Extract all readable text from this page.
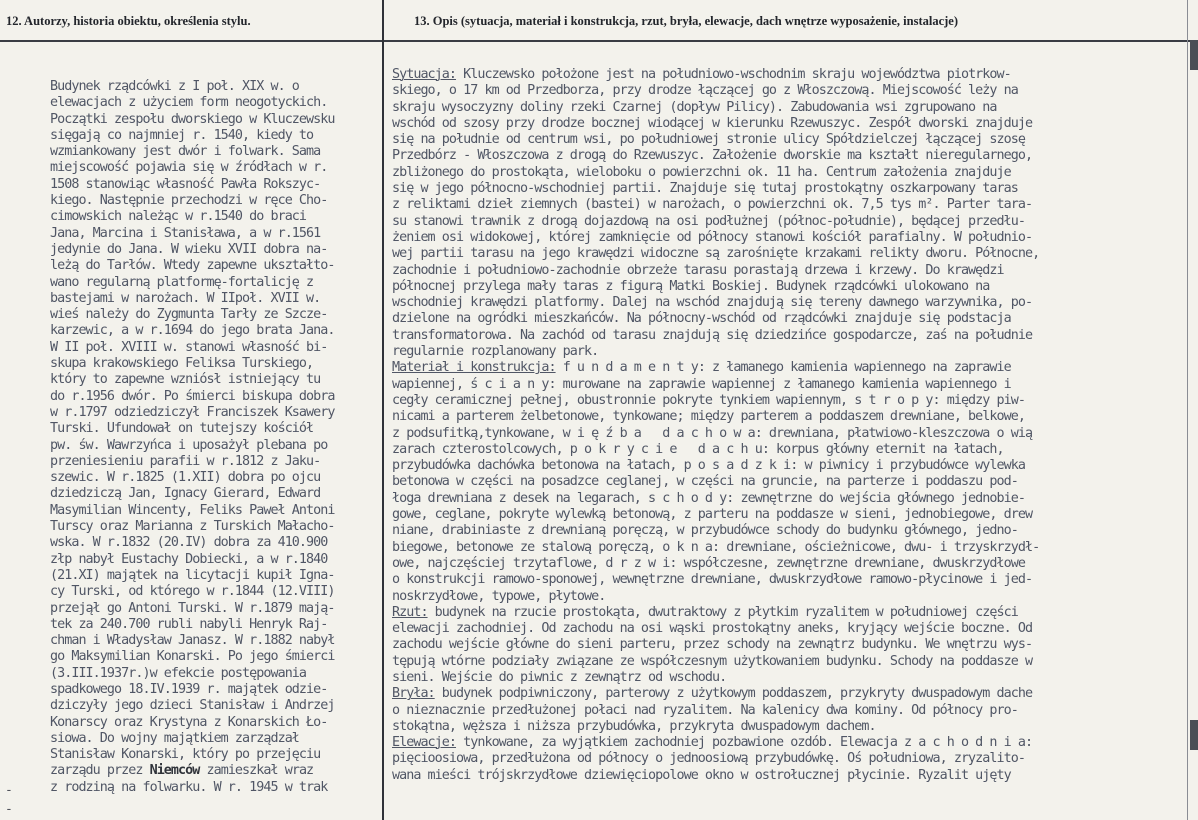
12. Autorzy, historia obiektu, określenia stylu.	13. Opis (sytuacja, materiał i konstrukcja, rzut, bryła, elewacje, dach wnętrze wyposażenie, instalacje)
Budynek rządcówki z I poł. XIX w. o
elewacjach z użyciem form neogotyckich.
Początki zespołu dworskiego w Kluczewsku
sięgają co najmniej r. 1540, kiedy to
wzmiankowany jest dwór i folwark. Sama
miejscowość pojawia się w źródłach w r.
1508 stanowiąc własność Pawła Rokszyc-
kiego. Następnie przechodzi w ręce Cho-
cimowskich należąc w r.1540 do braci
Jana, Marcina i Stanisława, a w r.1561
jedynie do Jana. W wieku XVII dobra na-
leżą do Tarłów. Wtedy zapewne ukształto-
wano regularną platformę-fortalicję z
bastejami w narożach. W IIpoł. XVII w.
wieś należy do Zygmunta Tarły ze Szcze-
karzewic, a w r.1694 do jego brata Jana.
W II poł. XVIII w. stanowi własność bi-
skupa krakowskiego Feliksa Turskiego,
który to zapewne wzniósł istniejący tu
do r.1956 dwór. Po śmierci biskupa dobra
w r.1797 odziedziczył Franciszek Ksawery
Turski. Ufundował on tutejszy kościół
pw. św. Wawrzyńca i uposażył plebana po
przeniesieniu parafii w r.1812 z Jaku-
szewic. W r.1825 (1.XII) dobra po ojcu
dziedziczą Jan, Ignacy Gierard, Edward
Masymilian Wincenty, Feliks Paweł Antoni
Turscy oraz Marianna z Turskich Małacho-
wska. W r.1832 (20.IV) dobra za 410.900
złp nabył Eustachy Dobiecki, a w r.1840
(21.XI) majątek na licytacji kupił Igna-
cy Turski, od którego w r.1844 (12.VIII)
przejął go Antoni Turski. W r.1879 mają-
tek za 240.700 rubli nabyli Henryk Raj-
chman i Władysław Janasz. W r.1882 nabył
go Maksymilian Konarski. Po jego śmierci
(3.III.1937r.)w efekcie postępowania
spadkowego 18.IV.1939 r. majątek odzie-
dziczyły jego dzieci Stanisław i Andrzej
Konarscy oraz Krystyna z Konarskich Ło-
siowa. Do wojny majątkiem zarządzał
Stanisław Konarski, który po przejęciu
zarządu przez Niemców zamieszkał wraz
z rodziną na folwarku. W r. 1945 w trak
Sytuacja: Kluczewsko położone jest na południowo-wschodnim skraju województwa piotrkow-
skiego, o 17 km od Przedborza, przy drodze łączącej go z Włoszczową. Miejscowość leży na
skraju wysoczyzny doliny rzeki Czarnej (dopływ Pilicy). Zabudowania wsi zgrupowano na
wschód od szosy przy drodze bocznej wiodącej w kierunku Rzewuszyc. Zespół dworski znajduje
się na południe od centrum wsi, po południowej stronie ulicy Spółdzielczej łączącej szosę
Przedbórz - Włoszczowa z drogą do Rzewuszyc. Założenie dworskie ma kształt nieregularnego,
zbliżonego do prostokąta, wieloboku o powierzchni ok. 11 ha. Centrum założenia znajduje
się w jego północno-wschodniej partii. Znajduje się tutaj prostokątny oszkarpowany taras
z reliktami dzieł ziemnych (bastei) w narożach, o powierzchni ok. 7,5 tys m². Parter tara-
su stanowi trawnik z drogą dojazdową na osi podłużnej (północ-południe), będącej przedłu-
żeniem osi widokowej, której zamknięcie od północy stanowi kościół parafialny. W południo-
wej partii tarasu na jego krawędzi widoczne są zarośnięte krzakami relikty dworu. Północne,
zachodnie i południowo-zachodnie obrzeże tarasu porastają drzewa i krzewy. Do krawędzi
północnej przylega mały taras z figurą Matki Boskiej. Budynek rządcówki ulokowano na
wschodniej krawędzi platformy. Dalej na wschód znajdują się tereny dawnego warzywnika, po-
dzielone na ogródki mieszkańców. Na północny-wschód od rządcówki znajduje się podstacja
transformatorowa. Na zachód od tarasu znajdują się dziedzińce gospodarcze, zaś na południe
regularnie rozplanowany park.
Materiał i konstrukcja: f u n d a m e n t y: z łamanego kamienia wapiennego na zaprawie
wapiennej, ś c i a n y: murowane na zaprawie wapiennej z łamanego kamienia wapiennego i
cegły ceramicznej pełnej, obustronnie pokryte tynkiem wapiennym, s t r o p y: między piw-
nicami a parterem żelbetonowe, tynkowane; między parterem a poddaszem drewniane, belkowe,
z podsufitką,tynkowane, w i ę ź b a   d a c h o w a: drewniana, płatwiowo-kleszczowa o wią
zarach czterostolcowych, p o k r y c i e   d a c h u: korpus główny eternit na łatach,
przybudówka dachówka betonowa na łatach, p o s a d z k i: w piwnicy i przybudówce wylewka
betonowa w części na posadzce ceglanej, w części na gruncie, na parterze i poddaszu pod-
łoga drewniana z desek na legarach, s c h o d y: zewnętrzne do wejścia głównego jednobie-
gowe, ceglane, pokryte wylewką betonową, z parteru na poddasze w sieni, jednobiegowe, drew
niane, drabiniaste z drewnianą poręczą, w przybudówce schody do budynku głównego, jedno-
biegowe, betonowe ze stalową poręczą, o k n a: drewniane, ościeżnicowe, dwu- i trzyskrzydł-
owe, najczęściej trzytaflowe, d r z w i: współczesne, zewnętrzne drewniane, dwuskrzydłowe
o konstrukcji ramowo-sponowej, wewnętrzne drewniane, dwuskrzydłowe ramowo-płycinowe i jed-
noskrzydłowe, typowe, płytowe.
Rzut: budynek na rzucie prostokąta, dwutraktowy z płytkim ryzalitem w południowej części
elewacji zachodniej. Od zachodu na osi wąski prostokątny aneks, kryjący wejście boczne. Od
zachodu wejście główne do sieni parteru, przez schody na zewnątrz budynku. We wnętrzu wys-
tępują wtórne podziały związane ze współczesnym użytkowaniem budynku. Schody na poddasze w
sieni. Wejście do piwnic z zewnątrz od wschodu.
Bryła: budynek podpiwniczony, parterowy z użytkowym poddaszem, przykryty dwuspadowym dache
o nieznacznie przedłużonej połaci nad ryzalitem. Na kalenicy dwa kominy. Od północy pro-
stokątna, węższa i niższa przybudówka, przykryta dwuspadowym dachem.
Elewacje: tynkowane, za wyjątkiem zachodniej pozbawione ozdób. Elewacja z a c h o d n i a:
pięcioosiowa, przedłużona od północy o jednoosiową przybudówkę. Oś południowa, zryzalito-
wana mieści trójskrzydłowe dziewięciopolowe okno w ostrołucznej płycinie. Ryzalit ujęty
-
-
